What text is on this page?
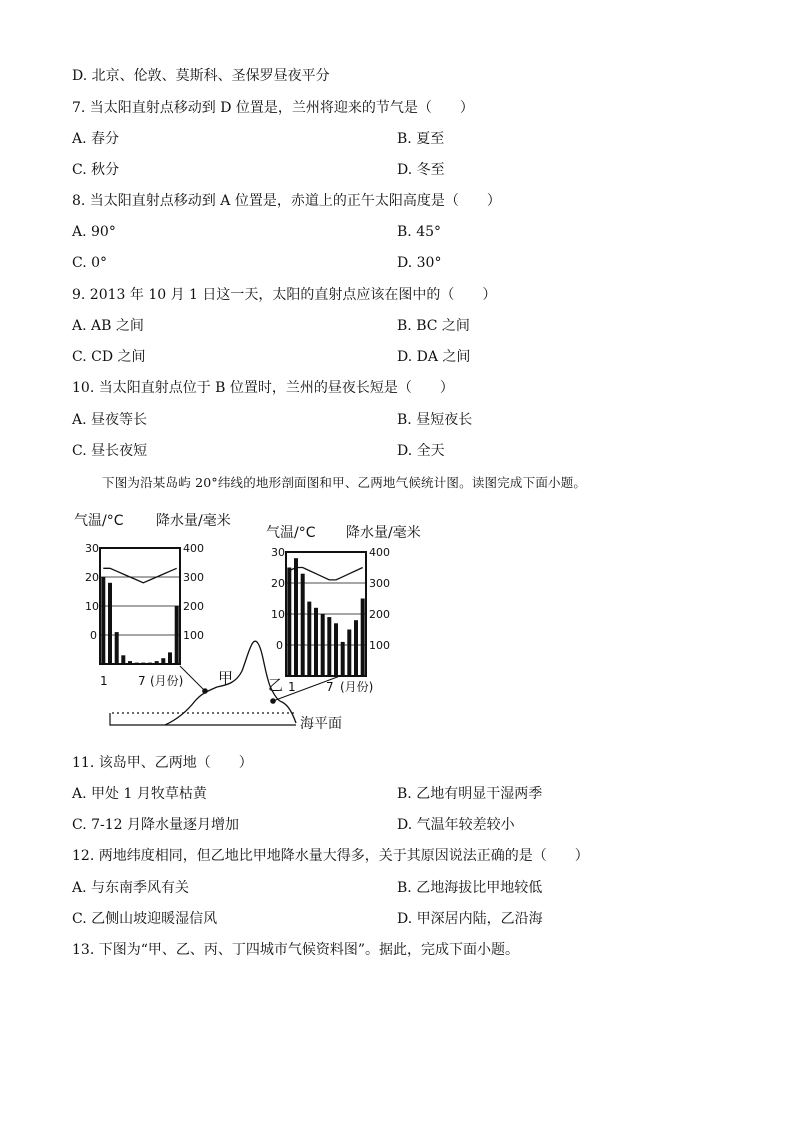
D. 北京、伦敦、莫斯科、圣保罗昼夜平分
7. 当太阳直射点移动到 D 位置是，兰州将迎来的节气是（　　）
A. 春分	B. 夏至
C. 秋分	D. 冬至
8. 当太阳直射点移动到 A 位置是，赤道上的正午太阳高度是（　　）
A. 90°	B. 45°
C. 0°	D. 30°
9. 2013 年 10 月 1 日这一天，太阳的直射点应该在图中的（　　）
A. AB 之间	B. BC 之间
C. CD 之间	D. DA 之间
10. 当太阳直射点位于 B 位置时，兰州的昼夜长短是（　　）
A. 昼夜等长	B. 昼短夜长
C. 昼长夜短	D. 全天
下图为沿某岛屿 20°纬线的地形剖面图和甲、乙两地气候统计图。读图完成下面小题。
气温/°C 降水量/毫米
30
20
10
0
400
300
200
100
1	7 (月份)
气温/°C 降水量/毫米
30
20
10
0
400
300
200
100
1	7 (月份)
甲 乙
海平面
11. 该岛甲、乙两地（　　）
A. 甲处 1 月牧草枯黄	B. 乙地有明显干湿两季
C. 7-12 月降水量逐月增加	D. 气温年较差较小
12. 两地纬度相同，但乙地比甲地降水量大得多，关于其原因说法正确的是（　　）
A. 与东南季风有关	B. 乙地海拔比甲地较低
C. 乙侧山坡迎暖湿信风	D. 甲深居内陆，乙沿海
13. 下图为“甲、乙、丙、丁四城市气候资料图”。据此，完成下面小题。
